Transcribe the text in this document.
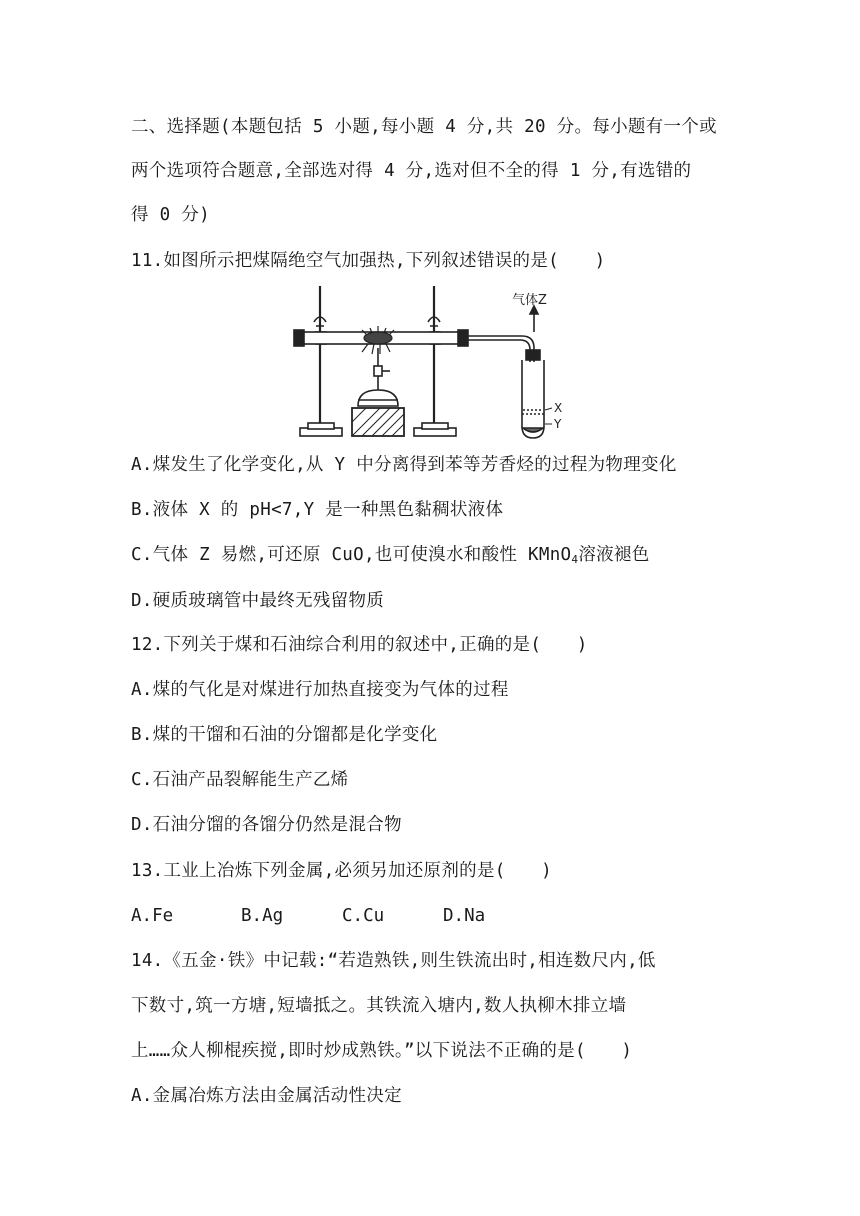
二、选择题(本题包括 5 小题,每小题 4 分,共 20 分。每小题有一个或
两个选项符合题意,全部选对得 4 分,选对但不全的得 1 分,有选错的
得 0 分)
11.如图所示把煤隔绝空气加强热,下列叙述错误的是(　　)
气体Z
X
Y
A.煤发生了化学变化,从 Y 中分离得到苯等芳香烃的过程为物理变化
B.液体 X 的 pH<7,Y 是一种黑色黏稠状液体
C.气体 Z 易燃,可还原 CuO,也可使溴水和酸性 KMnO$_4$溶液褪色
D.硬质玻璃管中最终无残留物质
12.下列关于煤和石油综合利用的叙述中,正确的是(　　)
A.煤的气化是对煤进行加热直接变为气体的过程
B.煤的干馏和石油的分馏都是化学变化
C.石油产品裂解能生产乙烯
D.石油分馏的各馏分仍然是混合物
13.工业上冶炼下列金属,必须另加还原剂的是(　　)
A.Fe	B.Ag	C.Cu	D.Na
14.《五金·铁》中记载:“若造熟铁,则生铁流出时,相连数尺内,低
下数寸,筑一方塘,短墙抵之。其铁流入塘内,数人执柳木排立墙
上……众人柳棍疾搅,即时炒成熟铁。”以下说法不正确的是(　　)
A.金属冶炼方法由金属活动性决定
